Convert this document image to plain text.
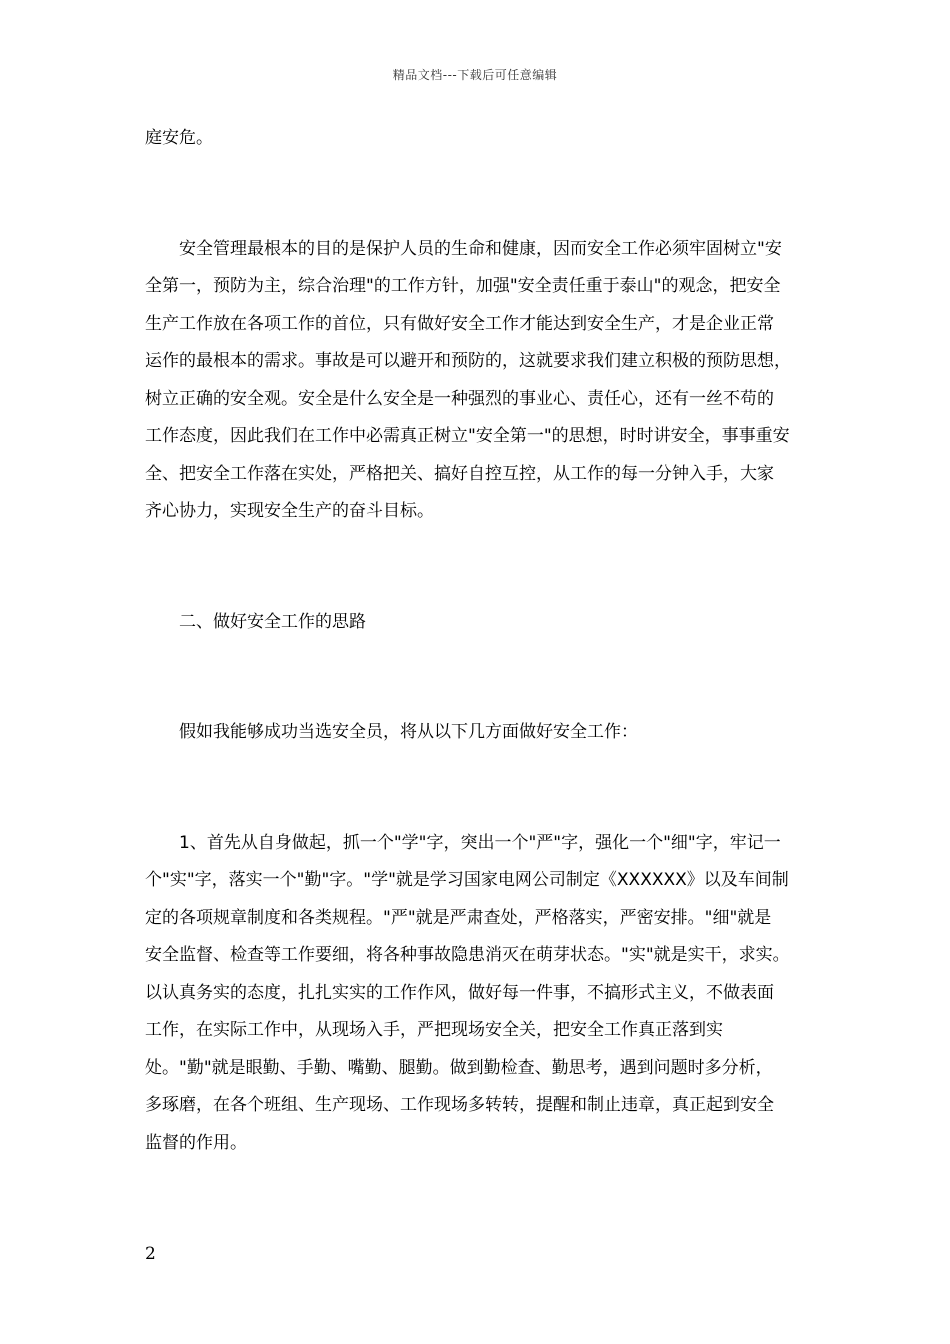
精品文档---下载后可任意编辑

庭安危。

安全管理最根本的目的是保护人员的生命和健康，因而安全工作必须牢固树立"安
全第一，预防为主，综合治理"的工作方针，加强"安全责任重于泰山"的观念，把安全
生产工作放在各项工作的首位，只有做好安全工作才能达到安全生产，才是企业正常
运作的最根本的需求。事故是可以避开和预防的，这就要求我们建立积极的预防思想，
树立正确的安全观。安全是什么安全是一种强烈的事业心、责任心，还有一丝不苟的
工作态度，因此我们在工作中必需真正树立"安全第一"的思想，时时讲安全，事事重安
全、把安全工作落在实处，严格把关、搞好自控互控，从工作的每一分钟入手，大家
齐心协力，实现安全生产的奋斗目标。

二、做好安全工作的思路

假如我能够成功当选安全员，将从以下几方面做好安全工作：

1、首先从自身做起，抓一个"学"字，突出一个"严"字，强化一个"细"字，牢记一
个"实"字，落实一个"勤"字。"学"就是学习国家电网公司制定《XXXXXX》以及车间制
定的各项规章制度和各类规程。"严"就是严肃查处，严格落实，严密安排。"细"就是
安全监督、检查等工作要细，将各种事故隐患消灭在萌芽状态。"实"就是实干，求实。
以认真务实的态度，扎扎实实的工作作风，做好每一件事，不搞形式主义，不做表面
工作，在实际工作中，从现场入手，严把现场安全关，把安全工作真正落到实
处。"勤"就是眼勤、手勤、嘴勤、腿勤。做到勤检查、勤思考，遇到问题时多分析，
多琢磨，在各个班组、生产现场、工作现场多转转，提醒和制止违章，真正起到安全
监督的作用。

2
